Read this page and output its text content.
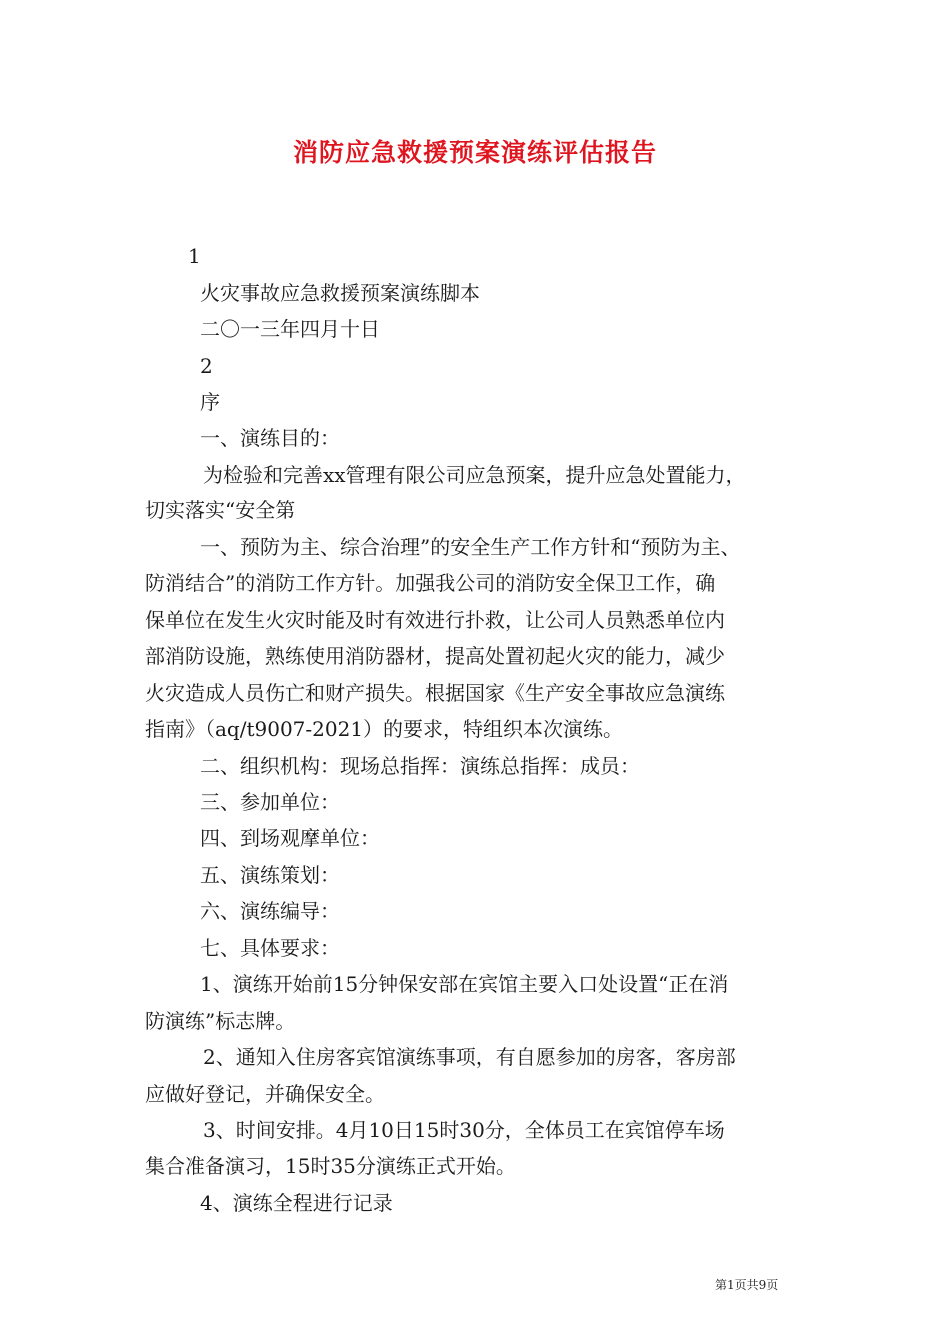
消防应急救援预案演练评估报告
1
火灾事故应急救援预案演练脚本
二〇一三年四月十日
2
序
一、演练目的：
为检验和完善xx管理有限公司应急预案，提升应急处置能力，
切实落实“安全第
一、预防为主、综合治理”的安全生产工作方针和“预防为主、
防消结合”的消防工作方针。加强我公司的消防安全保卫工作，确
保单位在发生火灾时能及时有效进行扑救，让公司人员熟悉单位内
部消防设施，熟练使用消防器材，提高处置初起火灾的能力，减少
火灾造成人员伤亡和财产损失。根据国家《生产安全事故应急演练
指南》（aq/t9007-2021）的要求，特组织本次演练。
二、组织机构：现场总指挥：演练总指挥：成员：
三、参加单位：
四、到场观摩单位：
五、演练策划：
六、演练编导：
七、具体要求：
1、演练开始前15分钟保安部在宾馆主要入口处设置“正在消
防演练”标志牌。
2、通知入住房客宾馆演练事项，有自愿参加的房客，客房部
应做好登记，并确保安全。
3、时间安排。4月10日15时30分，全体员工在宾馆停车场
集合准备演习，15时35分演练正式开始。
4、演练全程进行记录
第1页共9页
